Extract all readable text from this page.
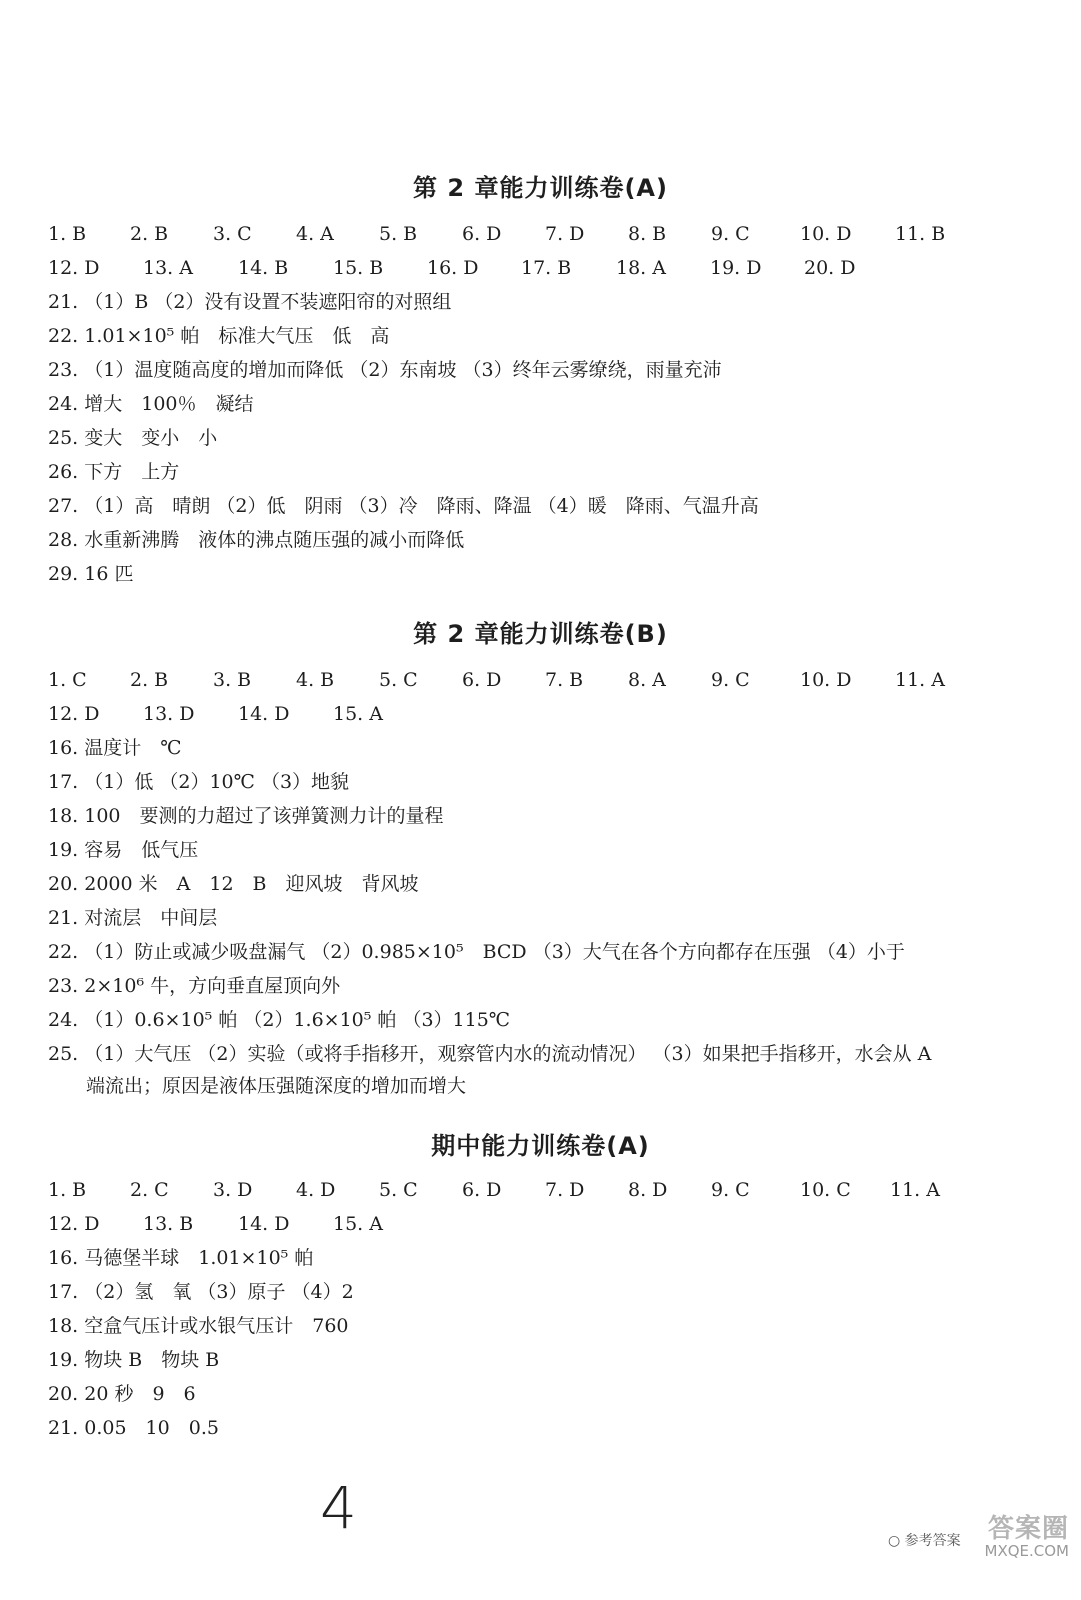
第 2 章能力训练卷(A)
1. B 2. B 3. C 4. A 5. B 6. D 7. D 8. B 9. C	10. D 11. B
12. D 13. A 14. B 15. B 16. D 17. B 18. A 19. D 20. D
21. （1）B （2）没有设置不装遮阳帘的对照组
22. 1.01×10⁵ 帕　标准大气压　低　高
23. （1）温度随高度的增加而降低 （2）东南坡 （3）终年云雾缭绕，雨量充沛
24. 增大　100％　凝结
25. 变大　变小　小
26. 下方　上方
27. （1）高　晴朗 （2）低　阴雨 （3）冷　降雨、降温 （4）暖　降雨、气温升高
28. 水重新沸腾　液体的沸点随压强的减小而降低
29. 16 匹
第 2 章能力训练卷(B)
1. C 2. B 3. B 4. B 5. C 6. D 7. B 8. A 9. C	10. D 11. A
12. D 13. D 14. D 15. A
16. 温度计　℃
17. （1）低 （2）10℃ （3）地貌
18. 100　要测的力超过了该弹簧测力计的量程
19. 容易　低气压
20. 2000 米　A　12　B　迎风坡　背风坡
21. 对流层　中间层
22. （1）防止或减少吸盘漏气 （2）0.985×10⁵　BCD （3）大气在各个方向都存在压强 （4）小于
23. 2×10⁶ 牛，方向垂直屋顶向外
24. （1）0.6×10⁵ 帕 （2）1.6×10⁵ 帕 （3）115℃
25. （1）大气压 （2）实验（或将手指移开，观察管内水的流动情况） （3）如果把手指移开，水会从 A
端流出；原因是液体压强随深度的增加而增大
期中能力训练卷(A)
1. B 2. C 3. D 4. D 5. C 6. D 7. D 8. D 9. C	10. C 11. A
12. D 13. B 14. D 15. A
16. 马德堡半球　1.01×10⁵ 帕
17. （2）氢　氧 （3）原子 （4）2
18. 空盒气压计或水银气压计　760
19. 物块 B　物块 B
20. 20 秒　9　6
21. 0.05　10　0.5
4	○ 参考答案 答案圈
MXQE.COM
